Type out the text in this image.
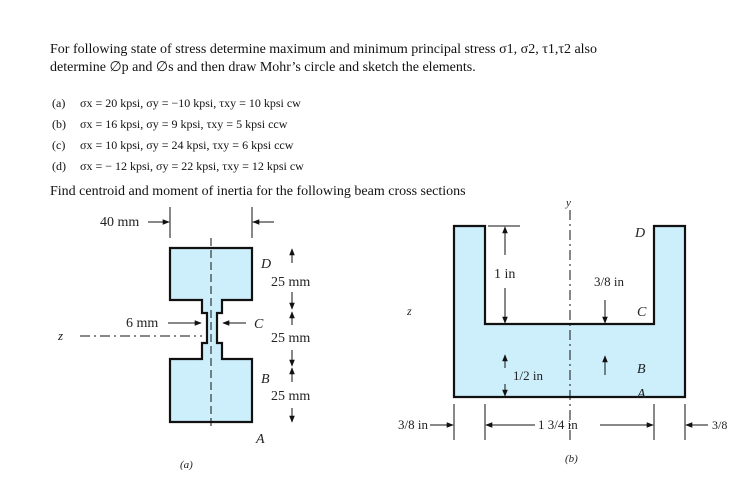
For following state of stress determine maximum and minimum principal stress σ1, σ2, τ1,τ2 also
determine ∅p and ∅s and then draw Mohr’s circle and sketch the elements.
(a) σx = 20 kpsi, σy = −10 kpsi, τxy = 10 kpsi cw
(b) σx = 16 kpsi, σy = 9 kpsi, τxy = 5 kpsi ccw
(c) σx = 10 kpsi, σy = 24 kpsi, τxy = 6 kpsi ccw
(d) σx = − 12 kpsi, σy = 22 kpsi, τxy = 12 kpsi cw
Find centroid and moment of inertia for the following beam cross sections
z
40 mm
6 mm
D
C
B
A
25 mm
25 mm
25 mm
(a)
y
z
D
C
B
A
1 in	3/8 in
1/2 in
3/8 in	1 3/4 in	3/8
(b)
